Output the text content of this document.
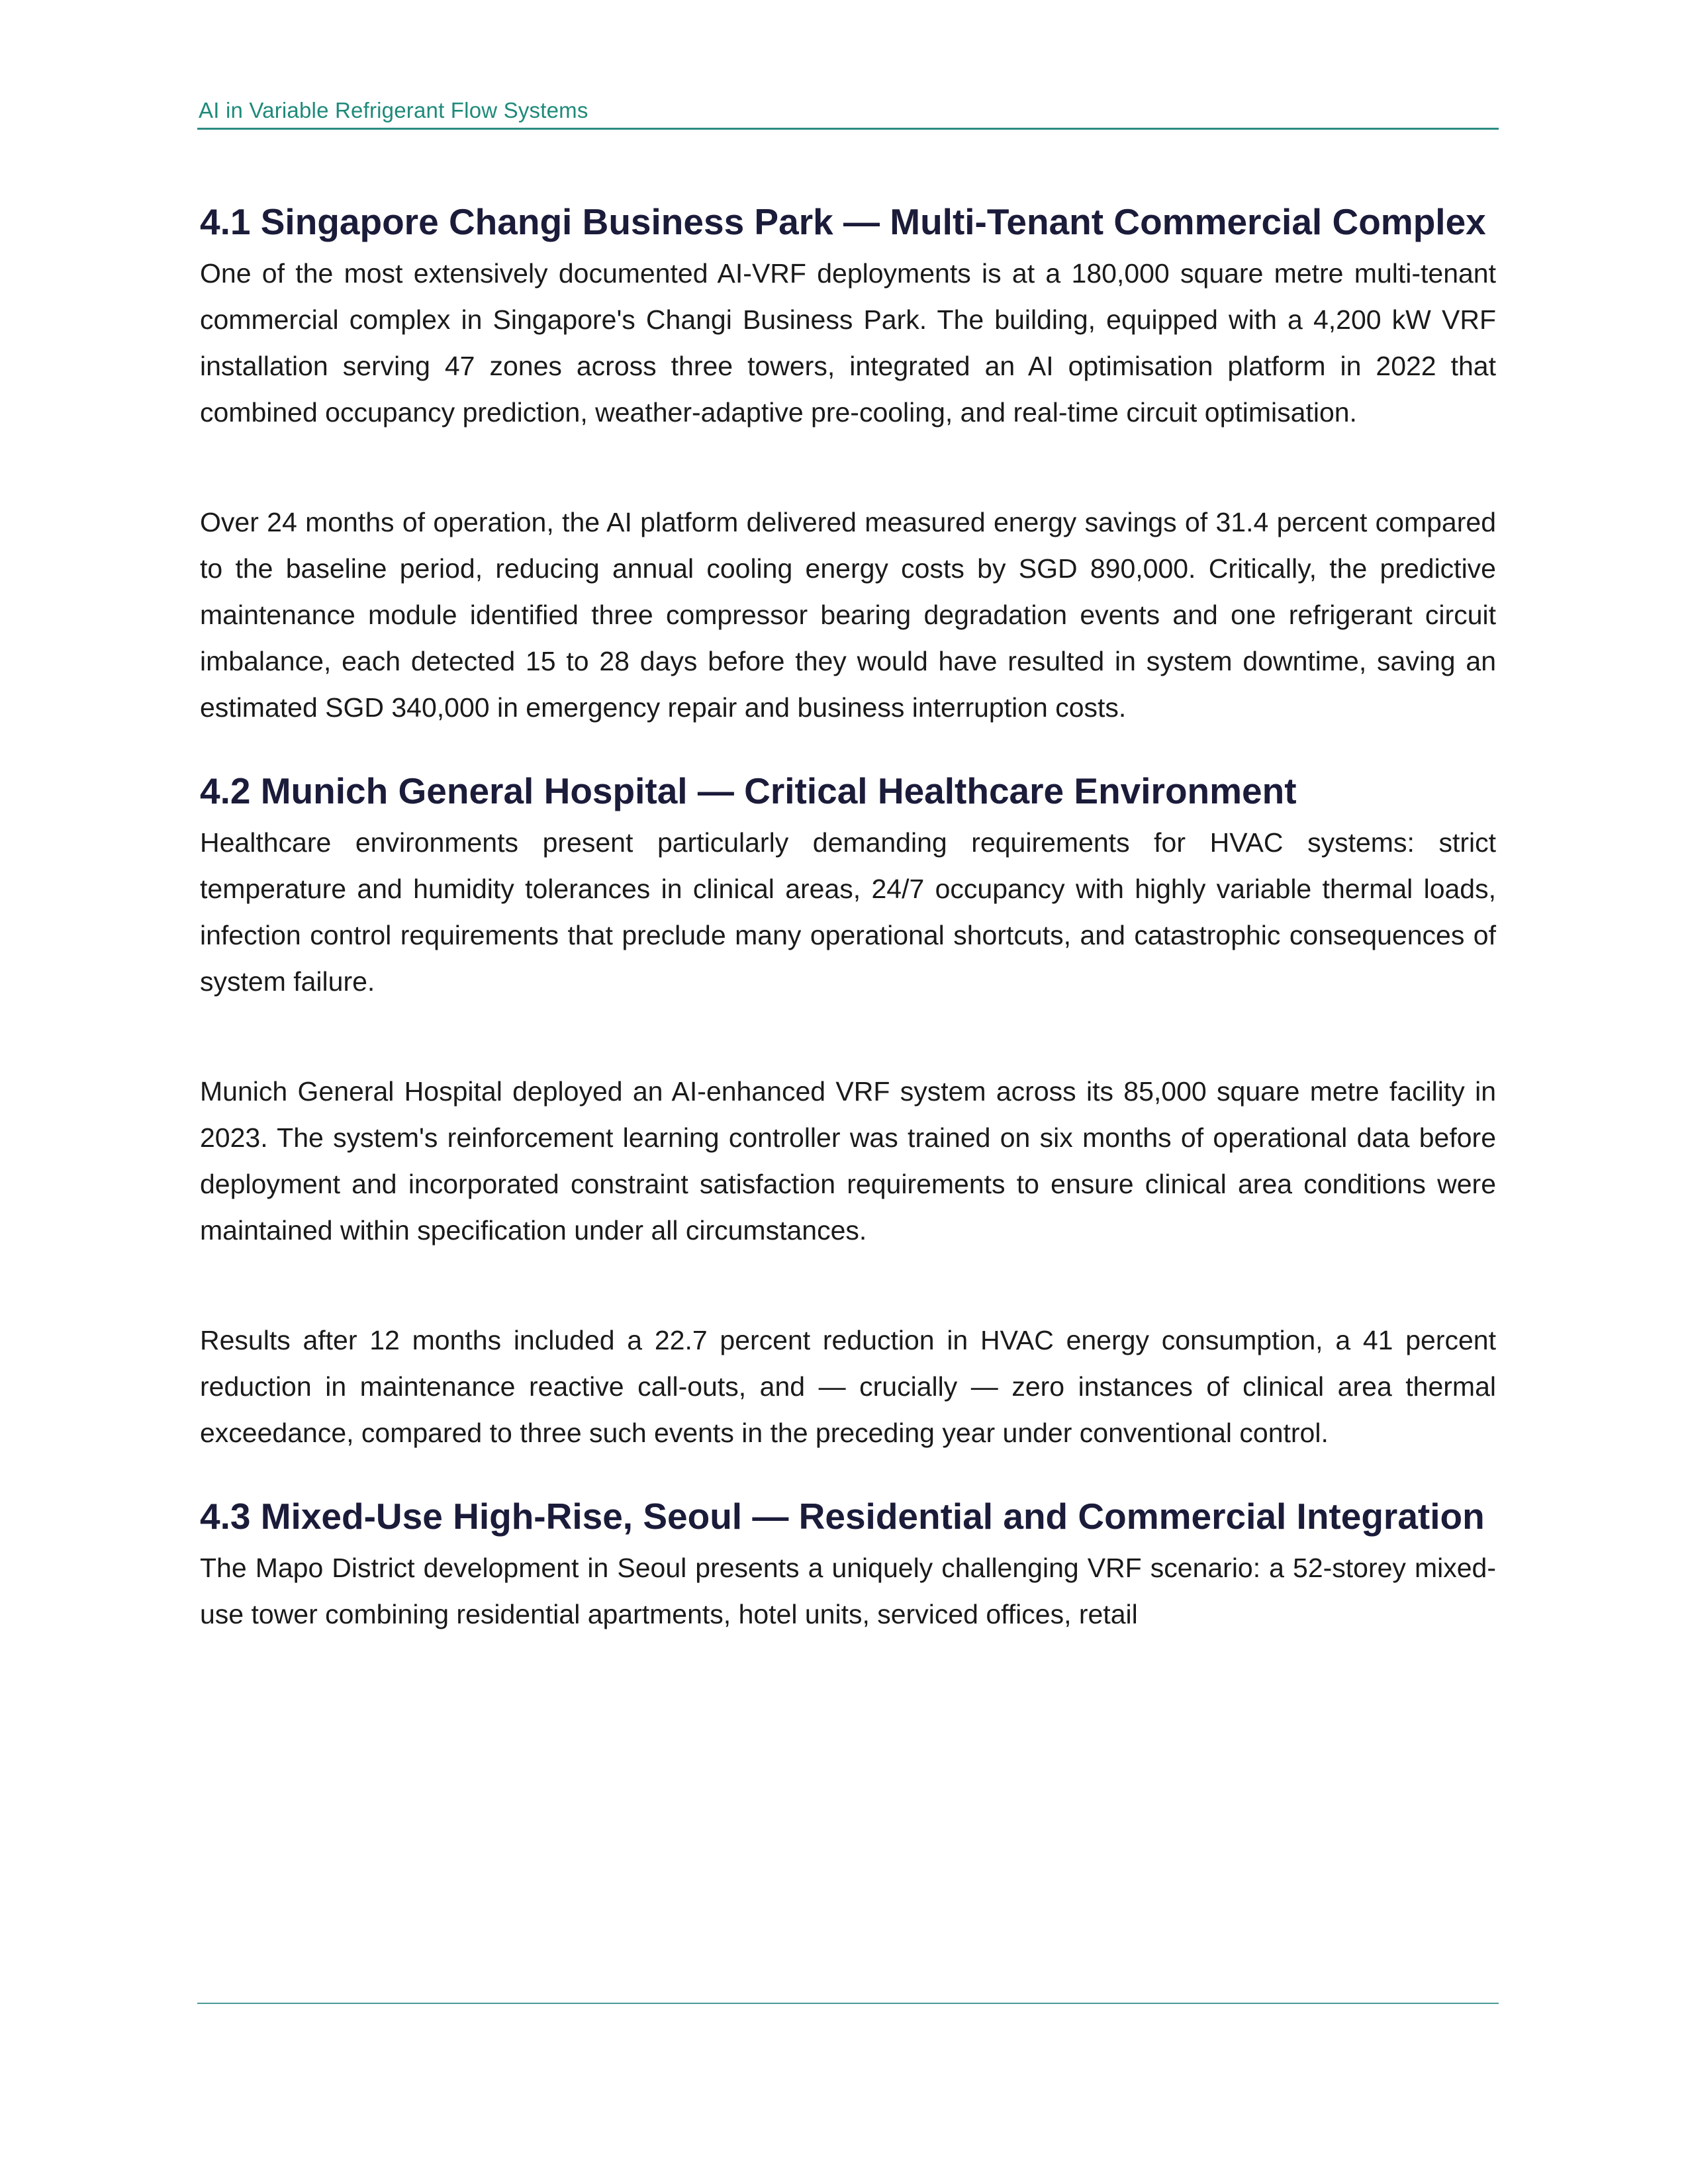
AI in Variable Refrigerant Flow Systems
4.1 Singapore Changi Business Park — Multi-Tenant Commercial Complex

One of the most extensively documented AI-VRF deployments is at a 180,000 square metre multi-tenant commercial complex in Singapore's Changi Business Park. The building, equipped with a 4,200 kW VRF installation serving 47 zones across three towers, integrated an AI optimisation platform in 2022 that combined occupancy prediction, weather-adaptive pre-cooling, and real-time circuit optimisation.

Over 24 months of operation, the AI platform delivered measured energy savings of 31.4 percent compared to the baseline period, reducing annual cooling energy costs by SGD 890,000. Critically, the predictive maintenance module identified three compressor bearing degradation events and one refrigerant circuit imbalance, each detected 15 to 28 days before they would have resulted in system downtime, saving an estimated SGD 340,000 in emergency repair and business interruption costs.

4.2 Munich General Hospital — Critical Healthcare Environment

Healthcare environments present particularly demanding requirements for HVAC systems: strict temperature and humidity tolerances in clinical areas, 24/7 occupancy with highly variable thermal loads, infection control requirements that preclude many operational shortcuts, and catastrophic consequences of system failure.

Munich General Hospital deployed an AI-enhanced VRF system across its 85,000 square metre facility in 2023. The system's reinforcement learning controller was trained on six months of operational data before deployment and incorporated constraint satisfaction requirements to ensure clinical area conditions were maintained within specification under all circumstances.

Results after 12 months included a 22.7 percent reduction in HVAC energy consumption, a 41 percent reduction in maintenance reactive call-outs, and — crucially — zero instances of clinical area thermal exceedance, compared to three such events in the preceding year under conventional control.

4.3 Mixed-Use High-Rise, Seoul — Residential and Commercial Integration

The Mapo District development in Seoul presents a uniquely challenging VRF scenario: a 52-storey mixed-use tower combining residential apartments, hotel units, serviced offices, retail
